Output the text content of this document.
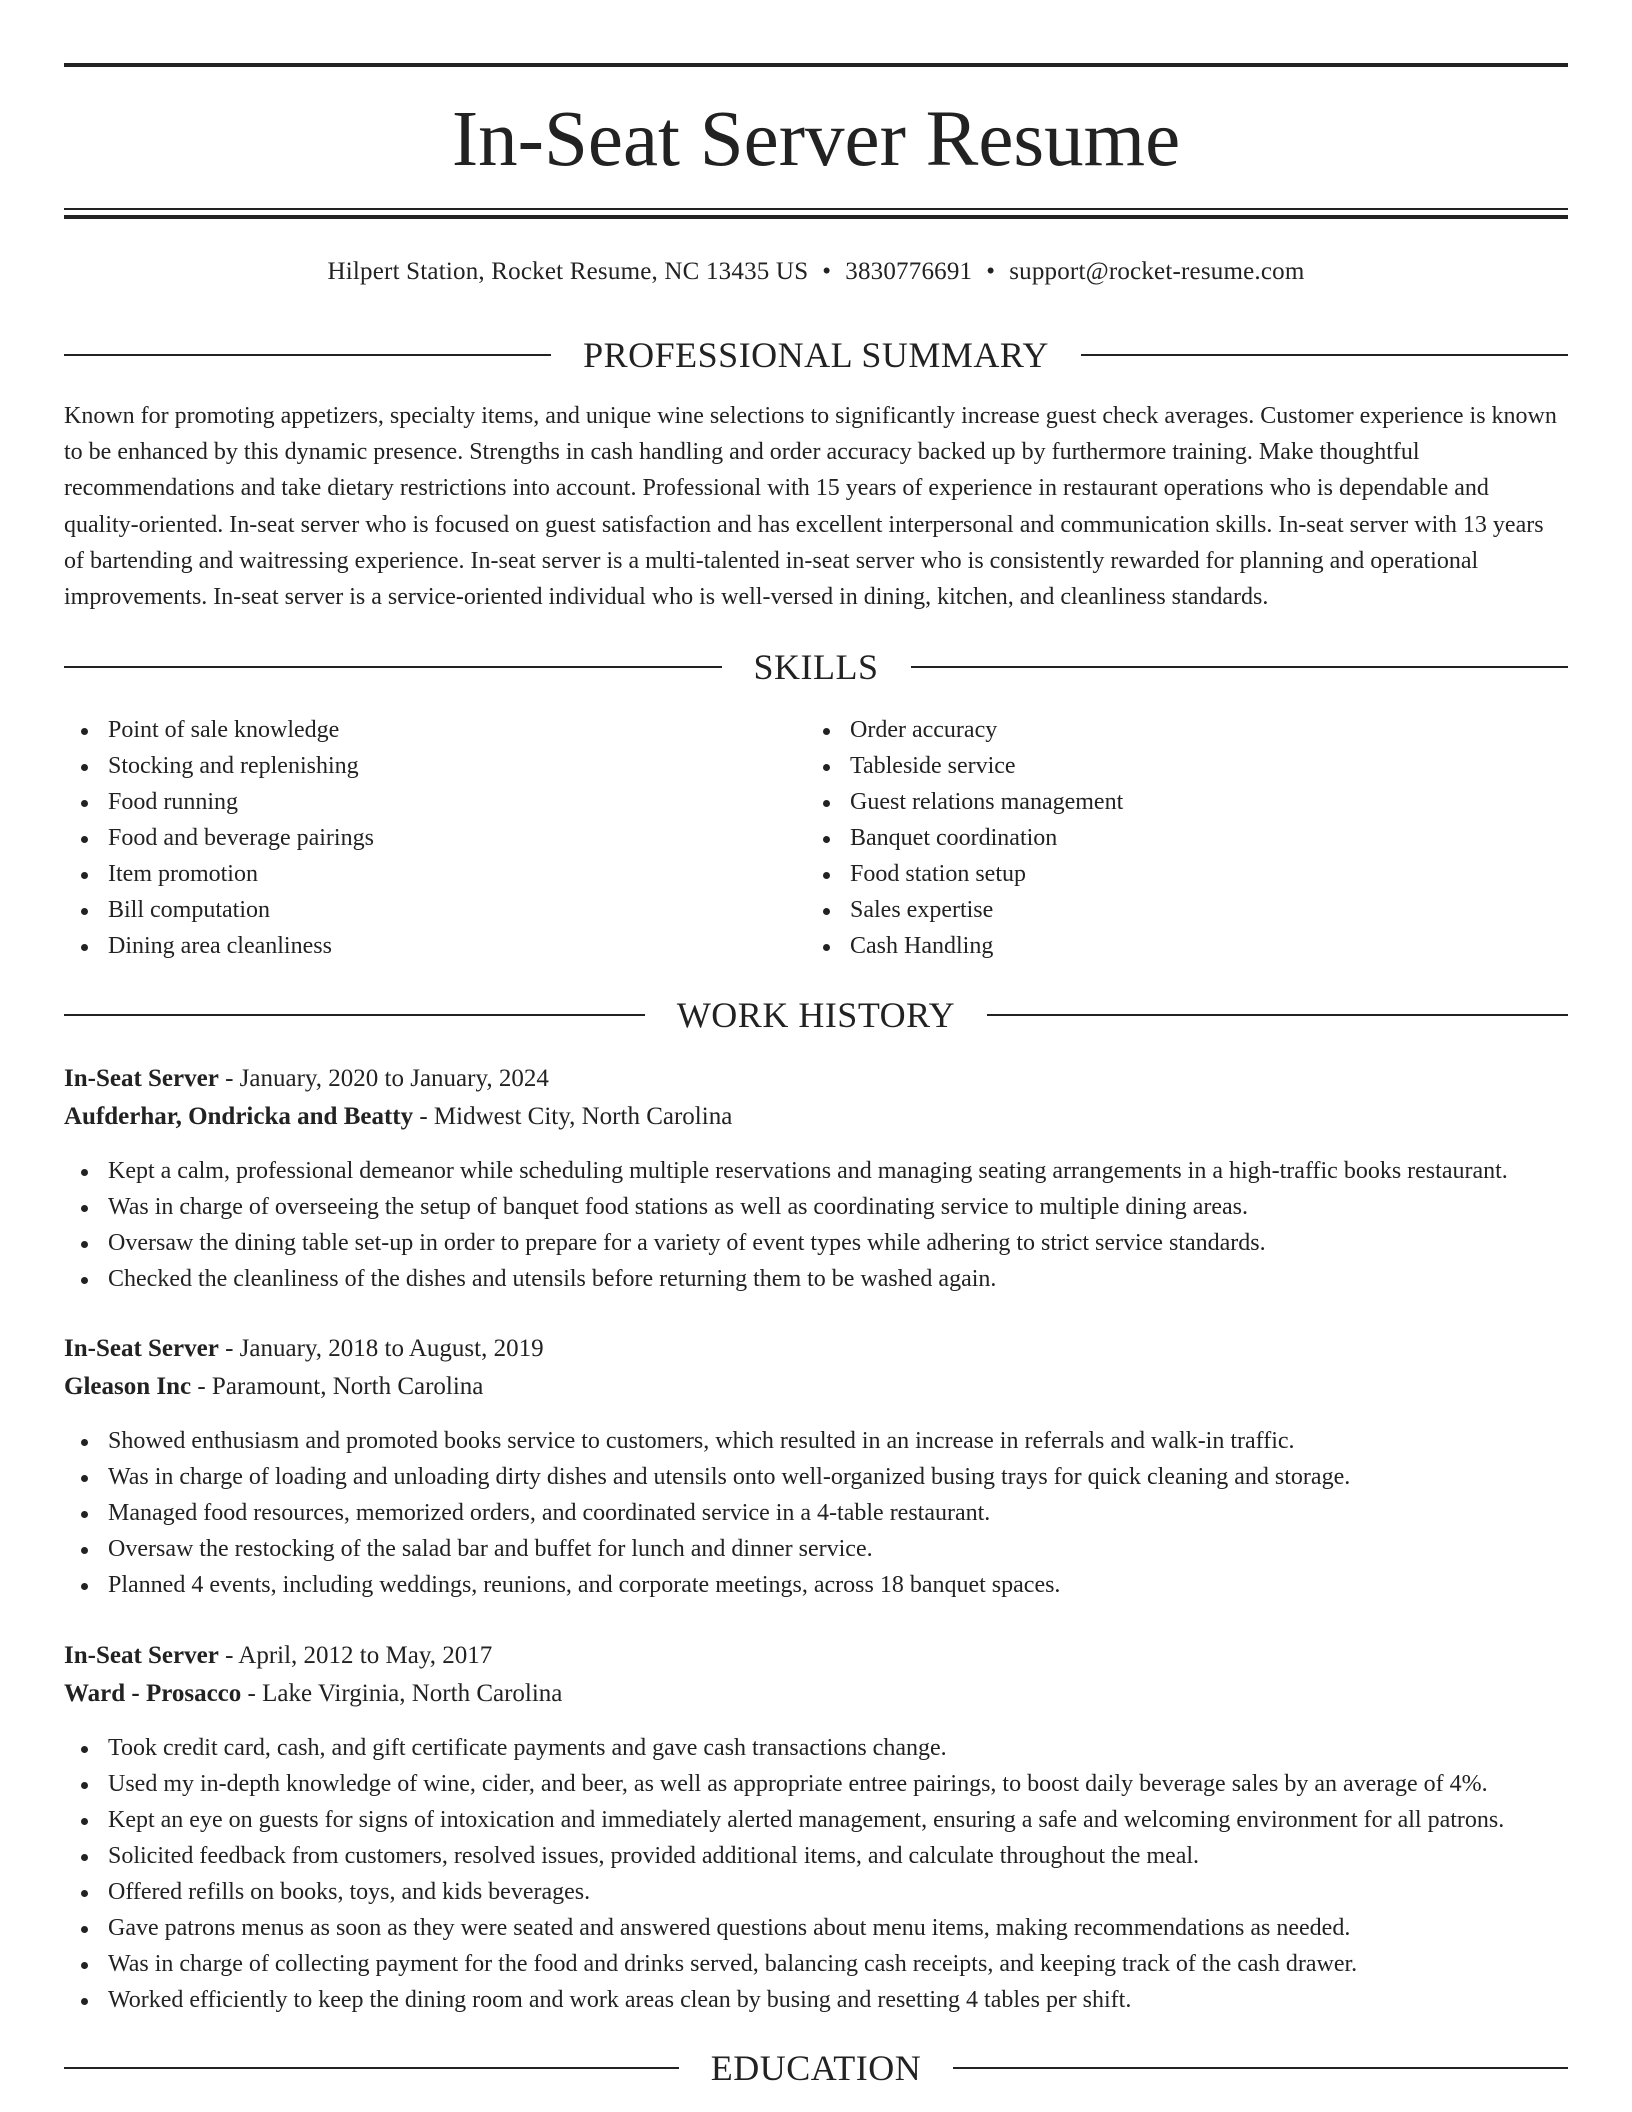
In-Seat Server Resume
Hilpert Station, Rocket Resume, NC 13435 US • 3830776691 • support@rocket-resume.com
PROFESSIONAL SUMMARY

Known for promoting appetizers, specialty items, and unique wine selections to significantly increase guest check averages. Customer experience is known to be enhanced by this dynamic presence. Strengths in cash handling and order accuracy backed up by furthermore training. Make thoughtful recommendations and take dietary restrictions into account. Professional with 15 years of experience in restaurant operations who is dependable and quality-oriented. In-seat server who is focused on guest satisfaction and has excellent interpersonal and communication skills. In-seat server with 13 years of bartending and waitressing experience. In-seat server is a multi-talented in-seat server who is consistently rewarded for planning and operational improvements. In-seat server is a service-oriented individual who is well-versed in dining, kitchen, and cleanliness standards.

SKILLS
Point of sale knowledge
Stocking and replenishing
Food running
Food and beverage pairings
Item promotion
Bill computation
Dining area cleanliness
Order accuracy
Tableside service
Guest relations management
Banquet coordination
Food station setup
Sales expertise
Cash Handling
WORK HISTORY
In-Seat Server - January, 2020 to January, 2024
Aufderhar, Ondricka and Beatty - Midwest City, North Carolina
Kept a calm, professional demeanor while scheduling multiple reservations and managing seating arrangements in a high-traffic books restaurant.
Was in charge of overseeing the setup of banquet food stations as well as coordinating service to multiple dining areas.
Oversaw the dining table set-up in order to prepare for a variety of event types while adhering to strict service standards.
Checked the cleanliness of the dishes and utensils before returning them to be washed again.
In-Seat Server - January, 2018 to August, 2019
Gleason Inc - Paramount, North Carolina
Showed enthusiasm and promoted books service to customers, which resulted in an increase in referrals and walk-in traffic.
Was in charge of loading and unloading dirty dishes and utensils onto well-organized busing trays for quick cleaning and storage.
Managed food resources, memorized orders, and coordinated service in a 4-table restaurant.
Oversaw the restocking of the salad bar and buffet for lunch and dinner service.
Planned 4 events, including weddings, reunions, and corporate meetings, across 18 banquet spaces.
In-Seat Server - April, 2012 to May, 2017
Ward - Prosacco - Lake Virginia, North Carolina
Took credit card, cash, and gift certificate payments and gave cash transactions change.
Used my in-depth knowledge of wine, cider, and beer, as well as appropriate entree pairings, to boost daily beverage sales by an average of 4%.
Kept an eye on guests for signs of intoxication and immediately alerted management, ensuring a safe and welcoming environment for all patrons.
Solicited feedback from customers, resolved issues, provided additional items, and calculate throughout the meal.
Offered refills on books, toys, and kids beverages.
Gave patrons menus as soon as they were seated and answered questions about menu items, making recommendations as needed.
Was in charge of collecting payment for the food and drinks served, balancing cash receipts, and keeping track of the cash drawer.
Worked efficiently to keep the dining room and work areas clean by busing and resetting 4 tables per shift.
EDUCATION
